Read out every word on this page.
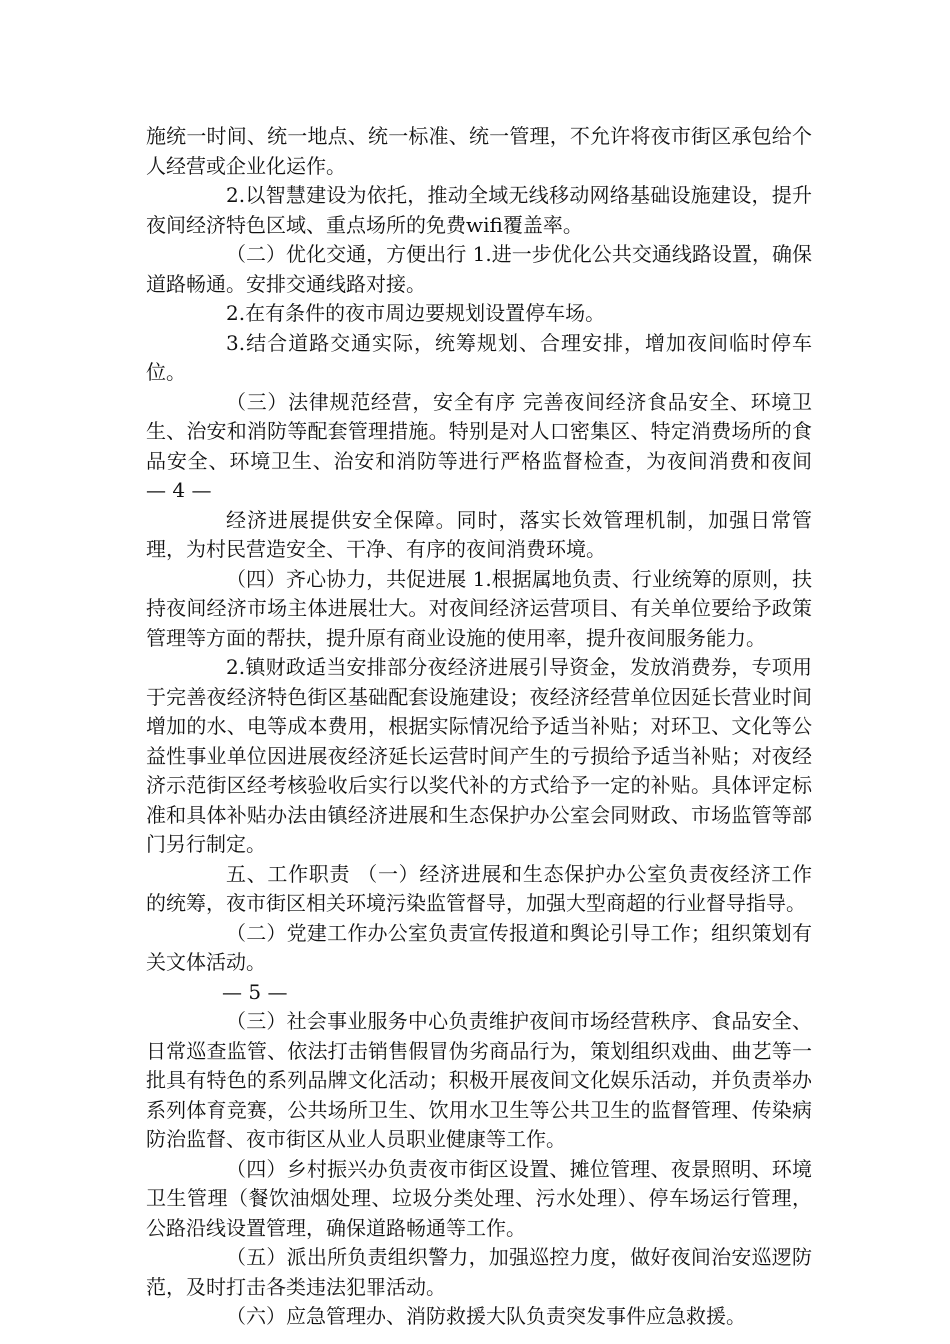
施统一时间、统一地点、统一标准、统一管理，不允许将夜市街区承包给个人经营或企业化运作。

2.以智慧建设为依托，推动全域无线移动网络基础设施建设，提升夜间经济特色区域、重点场所的免费wifi覆盖率。

（二）优化交通，方便出行 1.进一步优化公共交通线路设置，确保道路畅通。安排交通线路对接。

2.在有条件的夜市周边要规划设置停车场。

3.结合道路交通实际，统筹规划、合理安排，增加夜间临时停车位。

（三）法律规范经营，安全有序 完善夜间经济食品安全、环境卫生、治安和消防等配套管理措施。特别是对人口密集区、特定消费场所的食品安全、环境卫生、治安和消防等进行严格监督检查，为夜间消费和夜间 — 4 —

经济进展提供安全保障。同时，落实长效管理机制，加强日常管理，为村民营造安全、干净、有序的夜间消费环境。

（四）齐心协力，共促进展 1.根据属地负责、行业统筹的原则，扶持夜间经济市场主体进展壮大。对夜间经济运营项目、有关单位要给予政策管理等方面的帮扶，提升原有商业设施的使用率，提升夜间服务能力。

2.镇财政适当安排部分夜经济进展引导资金，发放消费券，专项用于完善夜经济特色街区基础配套设施建设；夜经济经营单位因延长营业时间增加的水、电等成本费用，根据实际情况给予适当补贴；对环卫、文化等公益性事业单位因进展夜经济延长运营时间产生的亏损给予适当补贴；对夜经济示范街区经考核验收后实行以奖代补的方式给予一定的补贴。具体评定标准和具体补贴办法由镇经济进展和生态保护办公室会同财政、市场监管等部门另行制定。

五、工作职责 （一）经济进展和生态保护办公室负责夜经济工作的统筹，夜市街区相关环境污染监管督导，加强大型商超的行业督导指导。

（二）党建工作办公室负责宣传报道和舆论引导工作；组织策划有关文体活动。

— 5 —

（三）社会事业服务中心负责维护夜间市场经营秩序、食品安全、日常巡查监管、依法打击销售假冒伪劣商品行为，策划组织戏曲、曲艺等一批具有特色的系列品牌文化活动；积极开展夜间文化娱乐活动，并负责举办系列体育竞赛，公共场所卫生、饮用水卫生等公共卫生的监督管理、传染病防治监督、夜市街区从业人员职业健康等工作。

（四）乡村振兴办负责夜市街区设置、摊位管理、夜景照明、环境卫生管理（餐饮油烟处理、垃圾分类处理、污水处理）、停车场运行管理，公路沿线设置管理，确保道路畅通等工作。

（五）派出所负责组织警力，加强巡控力度，做好夜间治安巡逻防范，及时打击各类违法犯罪活动。

（六）应急管理办、消防救援大队负责突发事件应急救援。
